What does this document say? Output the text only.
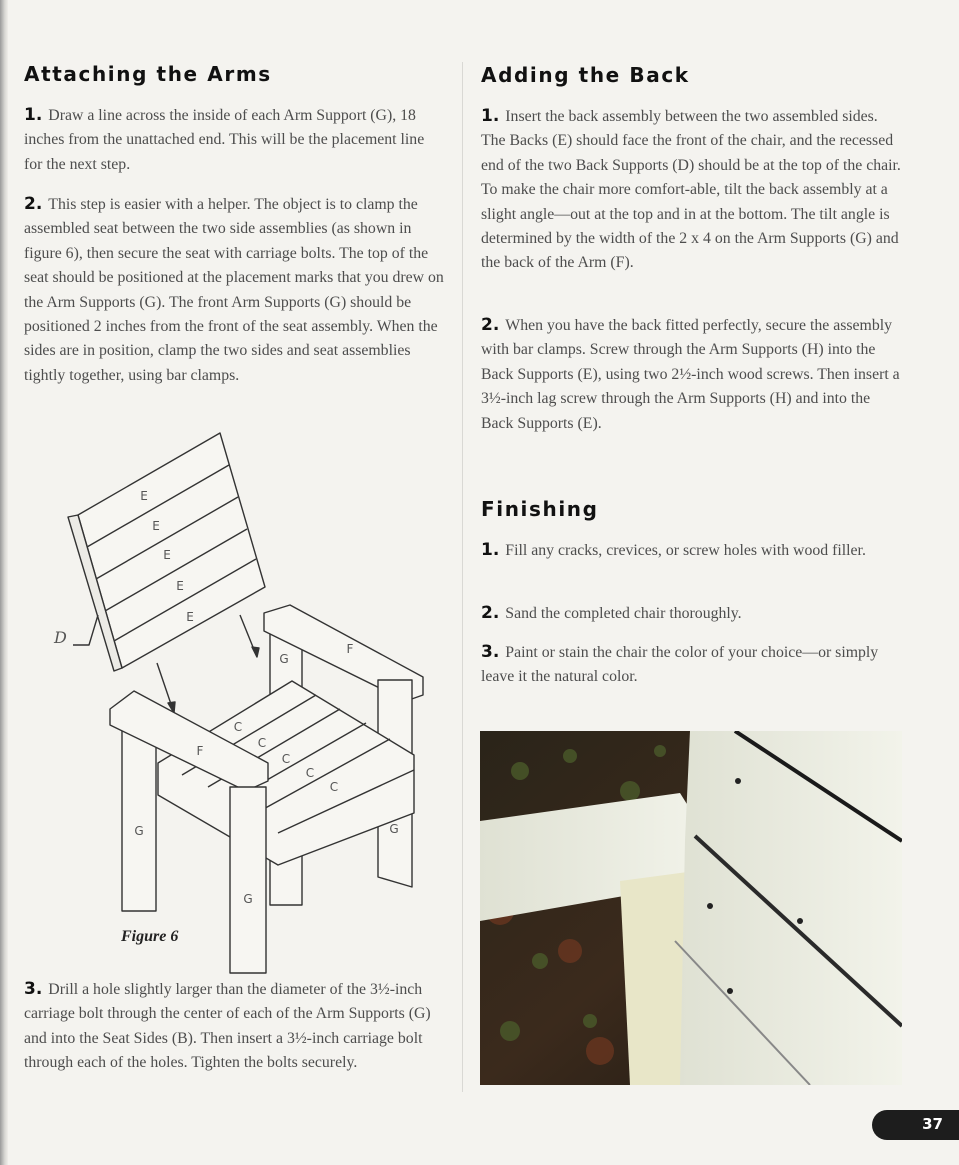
Attaching the Arms
1. Draw a line across the inside of each Arm Support (G), 18 inches from the unattached end. This will be the placement line for the next step.
2. This step is easier with a helper. The object is to clamp the assembled seat between the two side assemblies (as shown in figure 6), then secure the seat with carriage bolts. The top of the seat should be positioned at the placement marks that you drew on the Arm Supports (G). The front Arm Supports (G) should be positioned 2 inches from the front of the seat assembly. When the sides are in position, clamp the two sides and seat assemblies tightly together, using bar clamps.
E
E
E
E
E
C
C
C
C
C
F
F
G
G	G
G
D
Figure 6
3. Drill a hole slightly larger than the diameter of the 3½-inch carriage bolt through the center of each of the Arm Supports (G) and into the Seat Sides (B). Then insert a 3½-inch carriage bolt through each of the holes. Tighten the bolts securely.
Adding the Back
1. Insert the back assembly between the two assembled sides. The Backs (E) should face the front of the chair, and the recessed end of the two Back Supports (D) should be at the top of the chair. To make the chair more comfort-able, tilt the back assembly at a slight angle—out at the top and in at the bottom. The tilt angle is determined by the width of the 2 x 4 on the Arm Supports (G) and the back of the Arm (F).
2. When you have the back fitted perfectly, secure the assembly with bar clamps. Screw through the Arm Supports (H) into the Back Supports (E), using two 2½-inch wood screws. Then insert a 3½-inch lag screw through the Arm Supports (H) and into the Back Supports (E).
Finishing
1. Fill any cracks, crevices, or screw holes with wood filler.
2. Sand the completed chair thoroughly.
3. Paint or stain the chair the color of your choice—or simply leave it the natural color.
37
